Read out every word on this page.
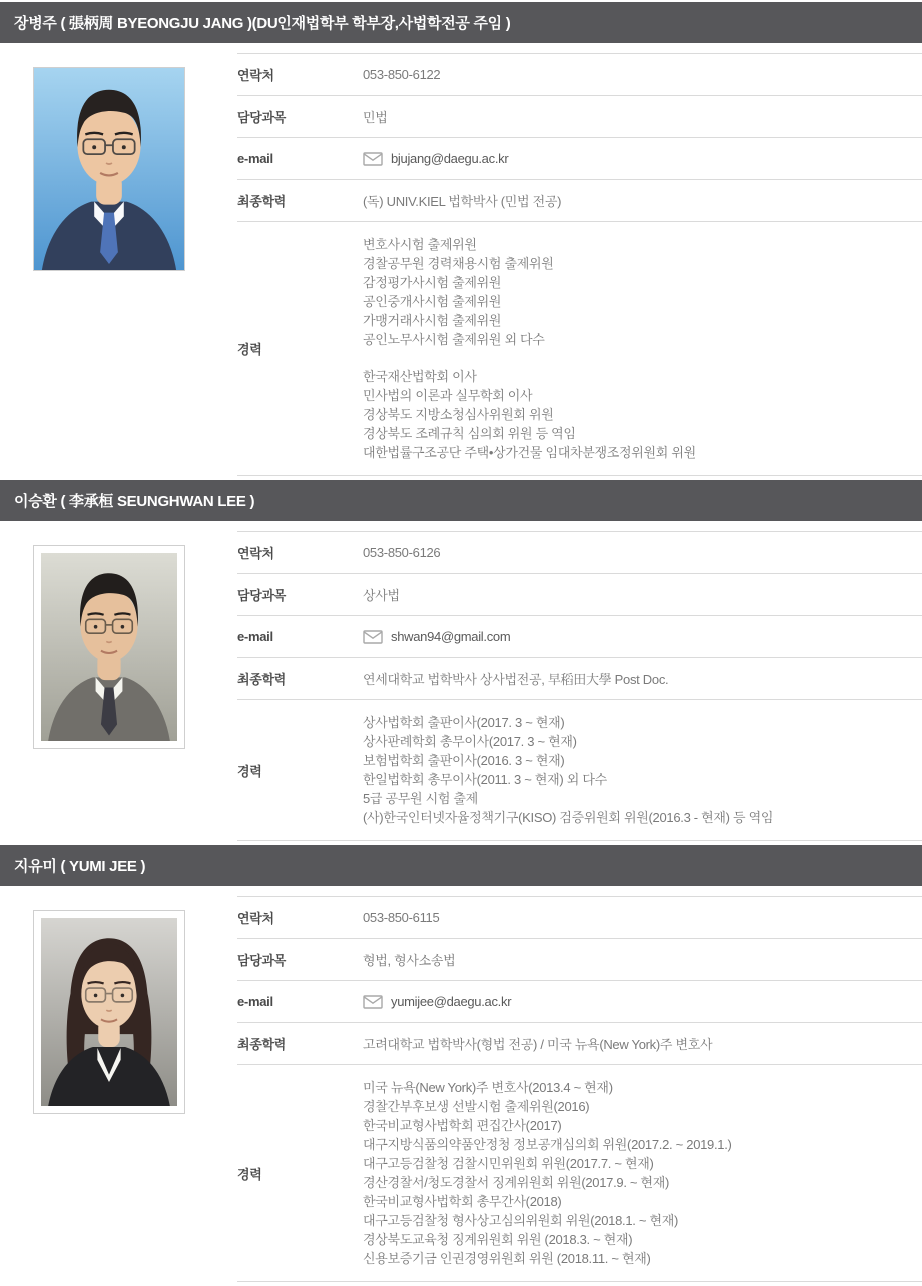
장병주 ( 張柄周 BYEONGJU JANG )(DU인재법학부 학부장,사법학전공 주임 )
연락처	053-850-6122
담당과목	민법
e-mail	bjujang@daegu.ac.kr
최종학력	(독) UNIV.KIEL 법학박사 (민법 전공)
경력
변호사시험 출제위원
경찰공무원 경력채용시험 출제위원
감정평가사시험 출제위원
공인중개사시험 출제위원
가맹거래사시험 출제위원
공인노무사시험 출제위원 외 다수
한국재산법학회 이사
민사법의 이론과 실무학회 이사
경상북도 지방소청심사위원회 위원
경상북도 조례규칙 심의회 위원 등 역임
대한법률구조공단 주택•상가건물 임대차분쟁조정위원회 위원
이승환 ( 李承桓 SEUNGHWAN LEE )
연락처	053-850-6126
담당과목	상사법
e-mail	shwan94@gmail.com
최종학력	연세대학교 법학박사 상사법전공, 早稻田大學 Post Doc.
경력
상사법학회 출판이사(2017. 3 ~ 현재)
상사판례학회 총무이사(2017. 3 ~ 현재)
보험법학회 출판이사(2016. 3 ~ 현재)
한일법학회 총무이사(2011. 3 ~ 현재) 외 다수
5급 공무원 시험 출제
(사)한국인터넷자율정책기구(KISO) 검증위원회 위원(2016.3 - 현재) 등 역임
지유미 ( YUMI JEE )
연락처	053-850-6115
담당과목	형법, 형사소송법
e-mail	yumijee@daegu.ac.kr
최종학력	고려대학교 법학박사(형법 전공) / 미국 뉴욕(New York)주 변호사
경력
미국 뉴욕(New York)주 변호사(2013.4 ~ 현재)
경찰간부후보생 선발시험 출제위원(2016)
한국비교형사법학회 편집간사(2017)
대구지방식품의약품안정청 정보공개심의회 위원(2017.2. ~ 2019.1.)
대구고등검찰청 검찰시민위원회 위원(2017.7. ~ 현재)
경산경찰서/청도경찰서 징계위원회 위원(2017.9. ~ 현재)
한국비교형사법학회 총무간사(2018)
대구고등검찰청 형사상고심의위원회 위원(2018.1. ~ 현재)
경상북도교육청 징계위원회 위원 (2018.3. ~ 현재)
신용보증기금 인권경영위원회 위원 (2018.11. ~ 현재)
